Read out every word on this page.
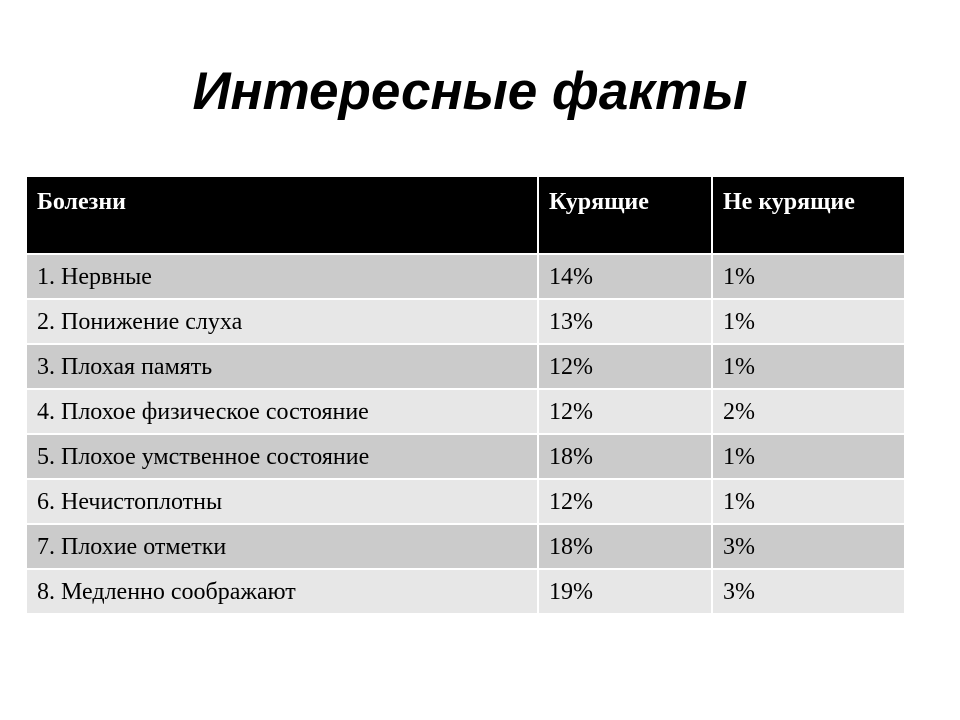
Интересные факты
Болезни	Курящие	Не курящие
1. Нервные	14%	1%
2. Понижение слуха	13%	1%
3. Плохая память	12%	1%
4. Плохое физическое состояние	12%	2%
5. Плохое умственное состояние	18%	1%
6. Нечистоплотны	12%	1%
7. Плохие отметки	18%	3%
8. Медленно соображают	19%	3%
